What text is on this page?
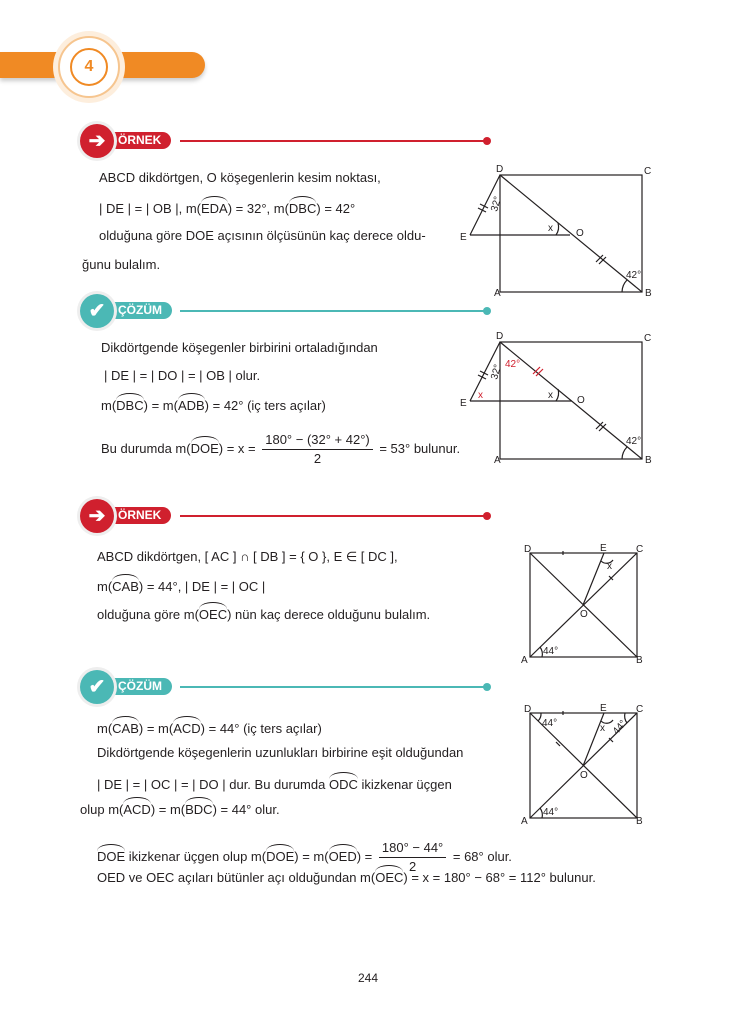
4
ÖRNEK
➔
D	C
E	O
A	B
x
32°
42°
ÇÖZÜM
✔
D	C
E	O
A	B
x
x
32° 42°
42°
ÖRNEK
➔
D	E	C
O
A	B
x
44°
ÇÖZÜM
✔
D	E	C
O
A	B
x
44°	44°
44°
244
ABCD dikdörtgen, O köşegenlerin kesim noktası,
| DE | = | OB |, m(EDA) = 32°, m(DBC) = 42°
olduğuna göre DOE açısının ölçüsünün kaç derece oldu-
ğunu bulalım.
Dikdörtgende köşegenler birbirini ortaladığından
| DE | = | DO | = | OB | olur.
m(DBC) = m(ADB) = 42° (iç ters açılar)
Bu durumda $m(DOE) = x = \frac{180^\circ - (32^\circ + 42^\circ)}{2} = 53^\circ$ bulunur.
ABCD dikdörtgen, [ AC ] ∩ [ DB ] = { O }, E ∈ [ DC ],
m(CAB) = 44°, | DE | = | OC |
olduğuna göre m(OEC) nün kaç derece olduğunu bulalım.
m(CAB) = m(ACD) = 44° (iç ters açılar)
Dikdörtgende köşegenlerin uzunlukları birbirine eşit olduğundan
| DE | = | OC | = | DO | dur. Bu durumda ODC ikizkenar üçgen
olup m(ACD) = m(BDC) = 44° olur.
DOE ikizkenar üçgen olup $m(DOE) = m(OED) = \frac{180^\circ - 44^\circ}{2} = 68^\circ$ olur.
OED ve OEC açıları bütünler açı olduğundan m(OEC) = x = 180° − 68° = 112° bulunur.
